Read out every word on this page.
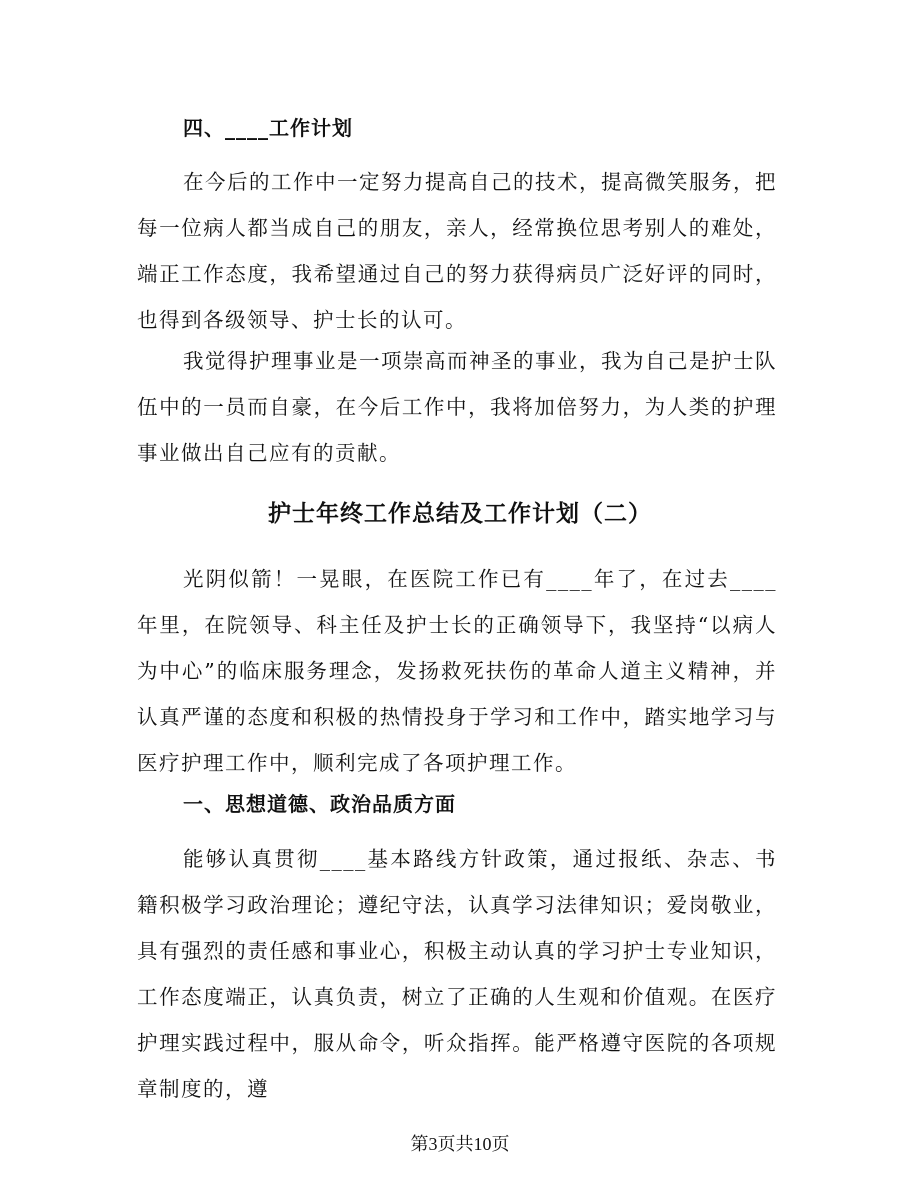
四、____工作计划
在今后的工作中一定努力提高自己的技术，提高微笑服务，把每一位病人都当成自己的朋友，亲人，经常换位思考别人的难处，端正工作态度，我希望通过自己的努力获得病员广泛好评的同时，也得到各级领导、护士长的认可。
我觉得护理事业是一项崇高而神圣的事业，我为自己是护士队伍中的一员而自豪，在今后工作中，我将加倍努力，为人类的护理事业做出自己应有的贡献。
护士年终工作总结及工作计划（二）
光阴似箭！一晃眼，在医院工作已有____年了，在过去____年里，在院领导、科主任及护士长的正确领导下，我坚持“以病人为中心”的临床服务理念，发扬救死扶伤的革命人道主义精神，并认真严谨的态度和积极的热情投身于学习和工作中，踏实地学习与医疗护理工作中，顺利完成了各项护理工作。
一、思想道德、政治品质方面
能够认真贯彻____基本路线方针政策，通过报纸、杂志、书籍积极学习政治理论；遵纪守法，认真学习法律知识；爱岗敬业，具有强烈的责任感和事业心，积极主动认真的学习护士专业知识，工作态度端正，认真负责，树立了正确的人生观和价值观。在医疗护理实践过程中，服从命令，听众指挥。能严格遵守医院的各项规章制度的，遵
第3页共10页
